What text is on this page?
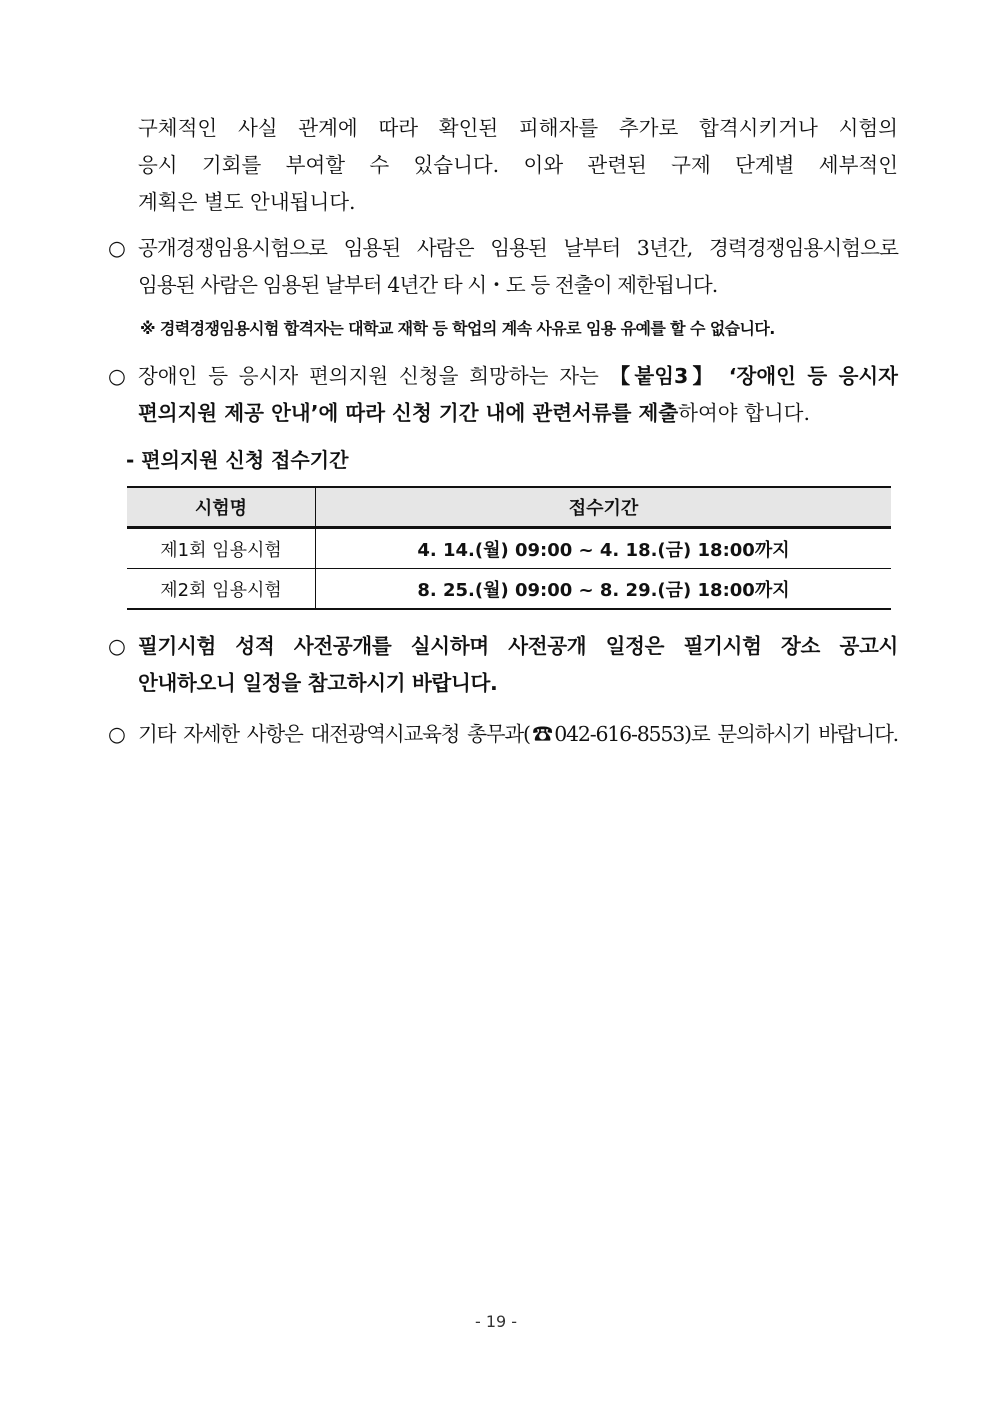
구체적인 사실 관계에 따라 확인된 피해자를 추가로 합격시키거나 시험의
응시 기회를 부여할 수 있습니다. 이와 관련된 구제 단계별 세부적인
계획은 별도 안내됩니다.
○ 공개경쟁임용시험으로 임용된 사람은 임용된 날부터 3년간, 경력경쟁임용시험으로
임용된 사람은 임용된 날부터 4년간 타 시・도 등 전출이 제한됩니다.
※ 경력경쟁임용시험 합격자는 대학교 재학 등 학업의 계속 사유로 임용 유예를 할 수 없습니다.
○ 장애인 등 응시자 편의지원 신청을 희망하는 자는 【붙임3】 ‘장애인 등 응시자
편의지원 제공 안내’에 따라 신청 기간 내에 관련서류를 제출하여야 합니다.
- 편의지원 신청 접수기간
시험명	접수기간
제1회 임용시험	4. 14.(월) 09:00 ~ 4. 18.(금) 18:00까지
제2회 임용시험	8. 25.(월) 09:00 ~ 8. 29.(금) 18:00까지
○ 필기시험 성적 사전공개를 실시하며 사전공개 일정은 필기시험 장소 공고시
안내하오니 일정을 참고하시기 바랍니다.
○ 기타 자세한 사항은 대전광역시교육청 총무과(☎042-616-8553)로 문의하시기 바랍니다.
- 19 -
